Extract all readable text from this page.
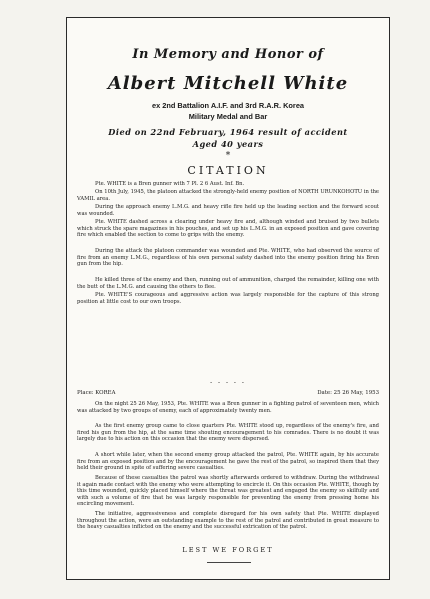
In Memory and Honor of
Albert Mitchell White
ex 2nd Battalion A.I.F. and 3rd R.A.R. Korea
Military Medal and Bar
Died on 22nd February, 1964 result of accident
Aged 40 years
*
CITATION

Pte. WHITE is a Bren gunner with 7 Pl. 2 6 Aust. Inf. Bn.

On 10th July, 1945, the platoon attacked the strongly-held enemy position of NORTH URUNKOHOTU in the VAMIL area.

During the approach enemy L.M.G. and heavy rifle fire held up the leading section and the forward scout was wounded.

Pte. WHITE dashed across a clearing under heavy fire and, although winded and bruised by two bullets which struck the spare magazines in his pouches, and set up his L.M.G. in an exposed position and gave covering fire which enabled the section to come to grips with the enemy.

During the attack the platoon commander was wounded and Pte. WHITE, who had observed the source of fire from an enemy L.M.G., regardless of his own personal safety dashed into the enemy position firing his Bren gun from the hip.

He killed three of the enemy and then, running out of ammunition, charged the remainder, killing one with the butt of the L.M.G. and causing the others to flee.

Pte. WHITE'S courageous and aggressive action was largely responsible for the capture of this strong position at little cost to our own troops.

- - - - -
Place: KOREA	Date: 25 26 May, 1953

On the night 25 26 May, 1953, Pte. WHITE was a Bren gunner in a fighting patrol of seventeen men, which was attacked by two groups of enemy, each of approximately twenty men.

As the first enemy group came to close quarters Pte. WHITE stood up, regardless of the enemy's fire, and fired his gun from the hip, at the same time shouting encouragement to his comrades. There is no doubt it was largely due to his action on this occasion that the enemy were dispersed.

A short while later, when the second enemy group attacked the patrol, Pte. WHITE again, by his accurate fire from an exposed position and by the encouragement he gave the rest of the patrol, so inspired them that they held their ground in spite of suffering severe casualties.

Because of these casualties the patrol was shortly afterwards ordered to withdraw. During the withdrawal it again made contact with the enemy who were attempting to encircle it. On this occasion Pte. WHITE, though by this time wounded, quickly placed himself where the threat was greatest and engaged the enemy so skilfully and with such a volume of fire that he was largely responsible for preventing the enemy from pressing home his encircling movement.

The initiative, aggressiveness and complete disregard for his own safety that Pte. WHITE displayed throughout the action, were an outstanding example to the rest of the patrol and contributed in great measure to the heavy casualties inflicted on the enemy and the successful extrication of the patrol.

LEST WE FORGET
